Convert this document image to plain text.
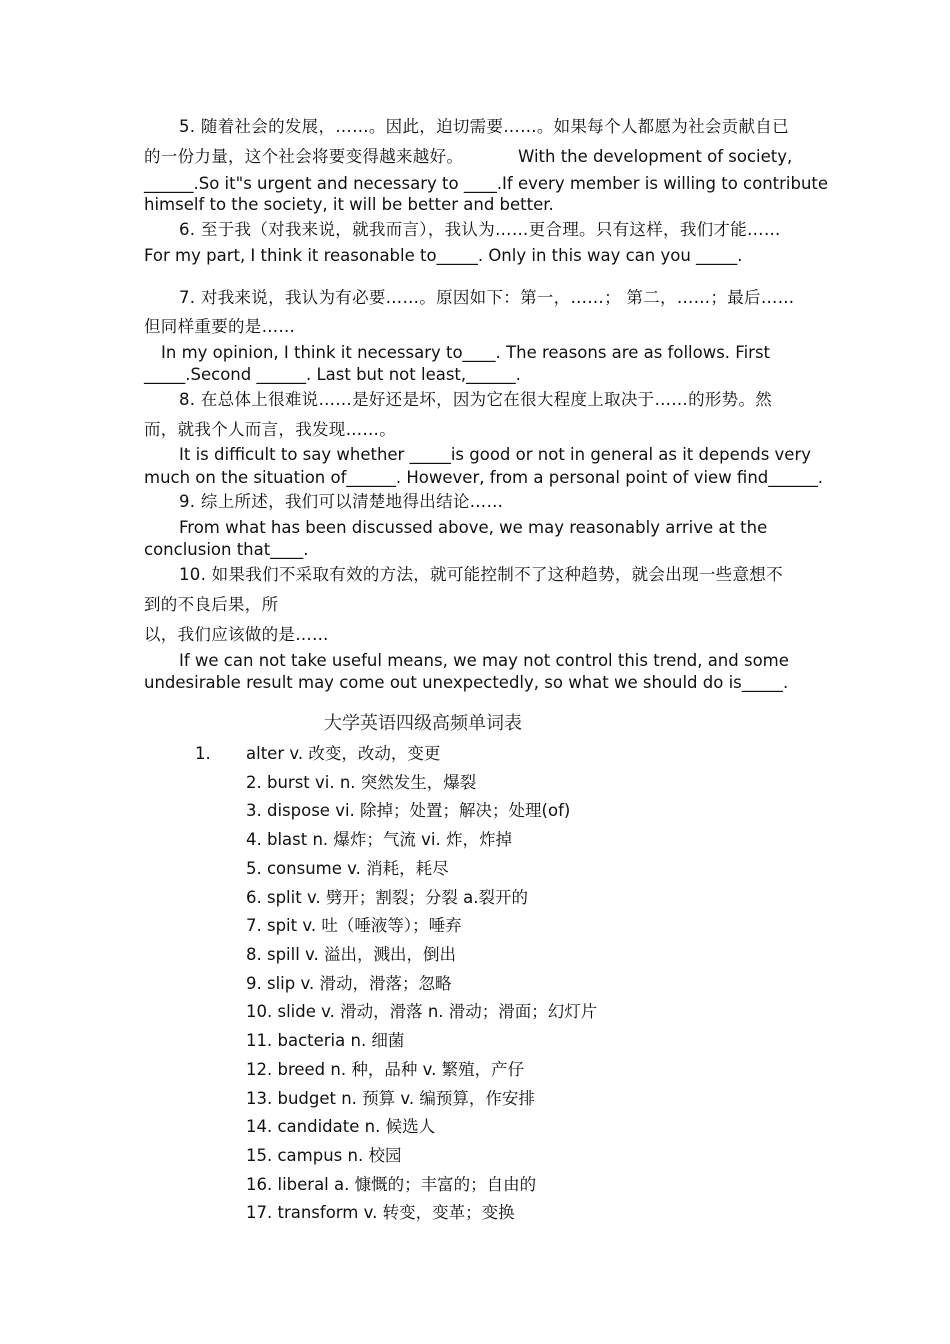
5. 随着社会的发展，……。因此，迫切需要……。如果每个人都愿为社会贡献自已

的一份力量，这个社会将要变得越来越好。	With the development of society,

______.So it"s urgent and necessary to ____.If every member is willing to contribute

himself to the society, it will be better and better.

6. 至于我（对我来说，就我而言），我认为……更合理。只有这样，我们才能……

For my part, I think it reasonable to_____. Only in this way can you _____.

7. 对我来说，我认为有必要……。原因如下：第一，……； 第二，……；最后……

但同样重要的是……

In my opinion, I think it necessary to____. The reasons are as follows. First

_____.Second ______. Last but not least,______.

8. 在总体上很难说……是好还是坏，因为它在很大程度上取决于……的形势。然

而，就我个人而言，我发现……。

It is difficult to say whether _____is good or not in general as it depends very

much on the situation of______. However, from a personal point of view find______.

9. 综上所述，我们可以清楚地得出结论……

From what has been discussed above, we may reasonably arrive at the

conclusion that____.

10. 如果我们不采取有效的方法，就可能控制不了这种趋势，就会出现一些意想不

到的不良后果，所

以，我们应该做的是……

If we can not take useful means, we may not control this trend, and some

undesirable result may come out unexpectedly, so what we should do is_____.

大学英语四级高频单词表

1. alter v. 改变，改动，变更

2. burst vi. n. 突然发生，爆裂

3. dispose vi. 除掉；处置；解决；处理(of)

4. blast n. 爆炸；气流 vi. 炸，炸掉

5. consume v. 消耗，耗尽

6. split v. 劈开；割裂；分裂 a.裂开的

7. spit v. 吐（唾液等）；唾弃

8. spill v. 溢出，溅出，倒出

9. slip v. 滑动，滑落；忽略

10. slide v. 滑动，滑落 n. 滑动；滑面；幻灯片

11. bacteria n. 细菌

12. breed n. 种，品种 v. 繁殖，产仔

13. budget n. 预算 v. 编预算，作安排

14. candidate n. 候选人

15. campus n. 校园

16. liberal a. 慷慨的；丰富的；自由的

17. transform v. 转变，变革；变换
